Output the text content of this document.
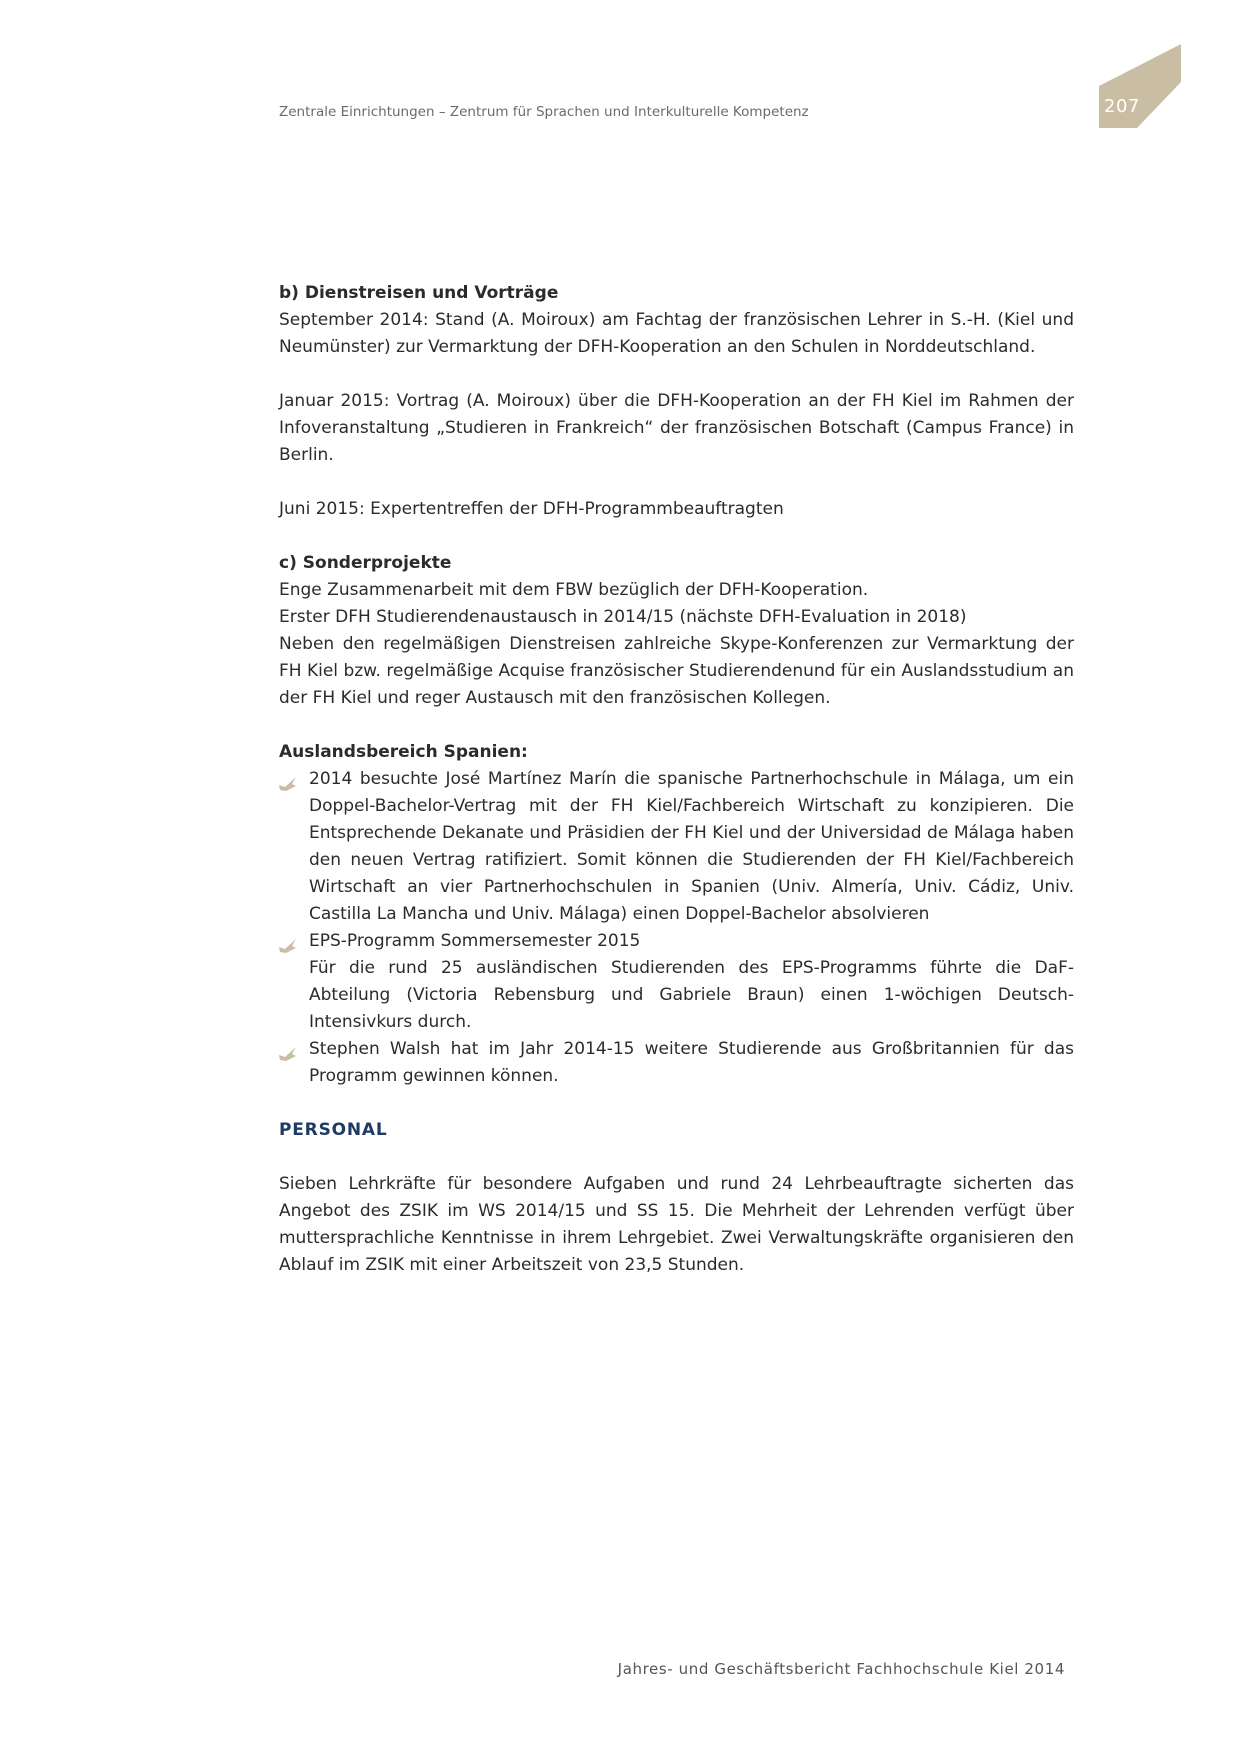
Zentrale Einrichtungen – Zentrum für Sprachen und Interkulturelle Kompetenz	207
b) Dienstreisen und Vorträge

September 2014: Stand (A. Moiroux) am Fachtag der französischen Lehrer in S.-H. (Kiel und Neumünster) zur Vermarktung der DFH-Kooperation an den Schulen in Norddeutschland.

Januar 2015: Vortrag (A. Moiroux) über die DFH-Kooperation an der FH Kiel im Rahmen der Infoveranstaltung „Studieren in Frankreich“ der französischen Botschaft (Campus France) in Berlin.

Juni 2015: Expertentreffen der DFH-Programmbeauftragten

c) Sonderprojekte

Enge Zusammenarbeit mit dem FBW bezüglich der DFH-Kooperation.

Erster DFH Studierendenaustausch in 2014/15 (nächste DFH-Evaluation in 2018)

Neben den regelmäßigen Dienstreisen zahlreiche Skype-Konferenzen zur Vermarktung der FH Kiel bzw. regelmäßige Acquise französischer Studierendenund für ein Auslandsstudium an der FH Kiel und reger Austausch mit den französischen Kollegen.

Auslandsbereich Spanien:
2014 besuchte José Martínez Marín die spanische Partnerhochschule in Málaga, um ein Doppel-Bachelor-Vertrag mit der FH Kiel/Fachbereich Wirtschaft zu konzipieren. Die Entsprechende Dekanate und Präsidien der FH Kiel und der Universidad de Málaga haben den neuen Vertrag ratifiziert. Somit können die Studierenden der FH Kiel/Fachbereich Wirtschaft an vier Partnerhochschulen in Spanien (Univ. Almería, Univ. Cádiz, Univ. Castilla La Mancha und Univ. Málaga) einen Doppel-Bachelor absolvieren
EPS-Programm Sommersemester 2015
Für die rund 25 ausländischen Studierenden des EPS-Programms führte die DaF-Abteilung (Victoria Rebensburg und Gabriele Braun) einen 1-wöchigen Deutsch-Intensivkurs durch.
Stephen Walsh hat im Jahr 2014-15 weitere Studierende aus Großbritannien für das Programm gewinnen können.
PERSONAL

Sieben Lehrkräfte für besondere Aufgaben und rund 24 Lehrbeauftragte sicherten das Angebot des ZSIK im WS 2014/15 und SS 15. Die Mehrheit der Lehrenden verfügt über muttersprachliche Kenntnisse in ihrem Lehrgebiet. Zwei Verwaltungskräfte organisieren den Ablauf im ZSIK mit einer Arbeitszeit von 23,5 Stunden.

Jahres- und Geschäftsbericht Fachhochschule Kiel 2014
